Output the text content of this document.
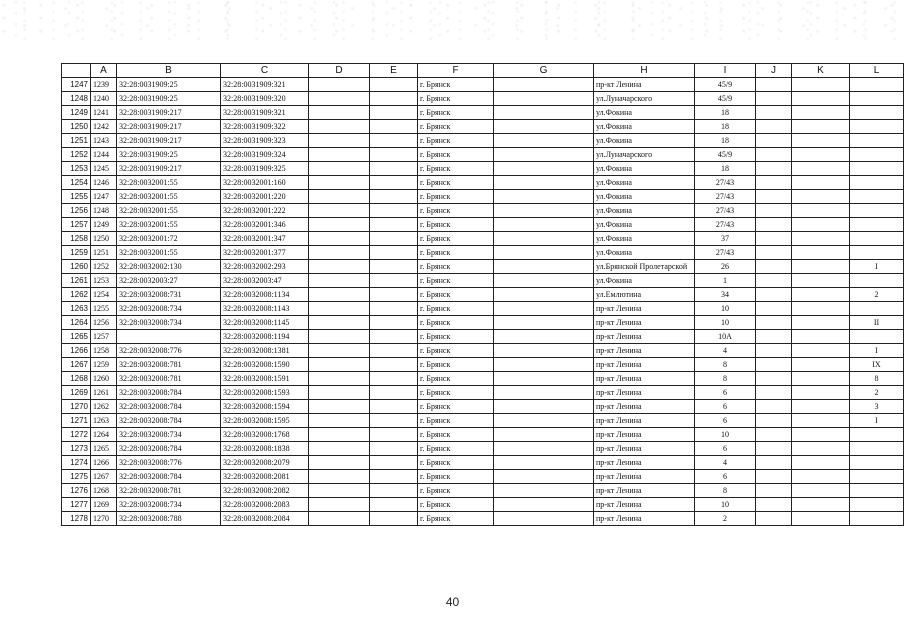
	A	B	C	D	E	F	G	H	I	J	K	L
1247	1239	32:28:0031909:25	32:28:0031909:321			г. Брянск		пр-кт Ленина	45/9			
1248	1240	32:28:0031909:25	32:28:0031909:320			г. Брянск		ул.Луначарского	45/9			
1249	1241	32:28:0031909:217	32:28:0031909:321			г. Брянск		ул.Фокина	18			
1250	1242	32:28:0031909:217	32:28:0031909:322			г. Брянск		ул.Фокина	18			
1251	1243	32:28:0031909:217	32:28:0031909:323			г. Брянск		ул.Фокина	18			
1252	1244	32:28:0031909:25	32:28:0031909:324			г. Брянск		ул.Луначарского	45/9			
1253	1245	32:28:0031909:217	32:28:0031909:325			г. Брянск		ул.Фокина	18			
1254	1246	32:28:0032001:55	32:28:0032001:160			г. Брянск		ул.Фокина	27/43			
1255	1247	32:28:0032001:55	32:28:0032001:220			г. Брянск		ул.Фокина	27/43			
1256	1248	32:28:0032001:55	32:28:0032001:222			г. Брянск		ул.Фокина	27/43			
1257	1249	32:28:0032001:55	32:28:0032001:346			г. Брянск		ул.Фокина	27/43			
1258	1250	32:28:0032001:72	32:28:0032001:347			г. Брянск		ул.Фокина	37			
1259	1251	32:28:0032001:55	32:28:0032001:377			г. Брянск		ул.Фокина	27/43			
1260	1252	32:28:0032002:130	32:28:0032002:293			г. Брянск		ул.Брянской Пролетарской	26			I
1261	1253	32:28:0032003:27	32:28:0032003:47			г. Брянск		ул.Фокина	1			
1262	1254	32:28:0032008:731	32:28:0032008:1134			г. Брянск		ул.Емлютина	34			2
1263	1255	32:28:0032008:734	32:28:0032008:1143			г. Брянск		пр-кт Ленина	10			
1264	1256	32:28:0032008:734	32:28:0032008:1145			г. Брянск		пр-кт Ленина	10			II
1265	1257		32:28:0032008:1194			г. Брянск		пр-кт Ленина	10А			
1266	1258	32:28:0032008:776	32:28:0032008:1381			г. Брянск		пр-кт Ленина	4			I
1267	1259	32:28:0032008:781	32:28:0032008:1590			г. Брянск		пр-кт Ленина	8			IX
1268	1260	32:28:0032008:781	32:28:0032008:1591			г. Брянск		пр-кт Ленина	8			8
1269	1261	32:28:0032008:784	32:28:0032008:1593			г. Брянск		пр-кт Ленина	6			2
1270	1262	32:28:0032008:784	32:28:0032008:1594			г. Брянск		пр-кт Ленина	6			3
1271	1263	32:28:0032008:784	32:28:0032008:1595			г. Брянск		пр-кт Ленина	6			I
1272	1264	32:28:0032008:734	32:28:0032008:1768			г. Брянск		пр-кт Ленина	10			
1273	1265	32:28:0032008:784	32:28:0032008:1838			г. Брянск		пр-кт Ленина	6			
1274	1266	32:28:0032008:776	32:28:0032008:2079			г. Брянск		пр-кт Ленина	4			
1275	1267	32:28:0032008:784	32:28:0032008:2081			г. Брянск		пр-кт Ленина	6			
1276	1268	32:28:0032008:781	32:28:0032008:2082			г. Брянск		пр-кт Ленина	8			
1277	1269	32:28:0032008:734	32:28:0032008:2083			г. Брянск		пр-кт Ленина	10			
1278	1270	32:28:0032008:788	32:28:0032008:2084			г. Брянск		пр-кт Ленина	2			
40
